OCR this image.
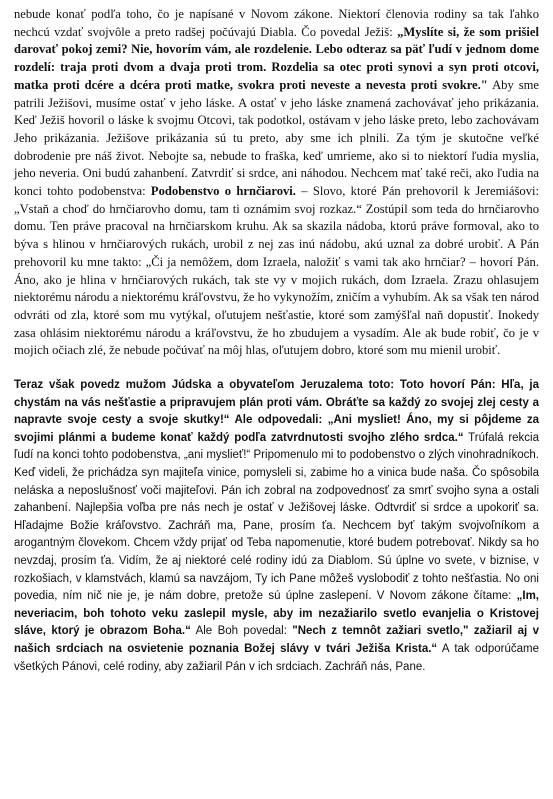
nebude konať podľa toho, čo je napísané v Novom zákone. Niektorí členovia rodiny sa tak ľahko nechcú vzdať svojvôle a preto radšej počúvajú Diabla. Čo povedal Ježiš: „Myslíte si, že som prišiel darovať pokoj zemi? Nie, hovorím vám, ale rozdelenie. Lebo odteraz sa päť ľudí v jednom dome rozdelí: traja proti dvom a dvaja proti trom. Rozdelia sa otec proti synovi a syn proti otcovi, matka proti dcére a dcéra proti matke, svokra proti neveste a nevesta proti svokre." Aby sme patrili Ježišovi, musíme ostať v jeho láske. A ostať v jeho láske znamená zachovávať jeho prikázania. Keď Ježiš hovoril o láske k svojmu Otcovi, tak podotkol, ostávam v jeho láske preto, lebo zachovávam Jeho prikázania. Ježišove prikázania sú tu preto, aby sme ich plnili. Za tým je skutočne veľké dobrodenie pre náš život. Nebojte sa, nebude to fraška, keď umrieme, ako si to niektorí ľudia myslia, jeho neveria. Oni budú zahanbení. Zatvrdiť si srdce, ani náhodou. Nechcem mať také reči, ako ľudia na konci tohto podobenstva: Podobenstvo o hrnčiarovi. – Slovo, ktoré Pán prehovoril k Jeremiášovi: „Vstaň a choď do hrnčiarovho domu, tam ti oznámim svoj rozkaz.“ Zostúpil som teda do hrnčiarovho domu. Ten práve pracoval na hrnčiarskom kruhu. Ak sa skazila nádoba, ktorú práve formoval, ako to býva s hlinou v hrnčiarových rukách, urobil z nej zas inú nádobu, akú uznal za dobré urobiť. A Pán prehovoril ku mne takto: „Či ja nemôžem, dom Izraela, naložiť s vami tak ako hrnčiar? – hovorí Pán. Áno, ako je hlina v hrnčiarových rukách, tak ste vy v mojich rukách, dom Izraela. Zrazu ohlasujem niektorému národu a niektorému kráľovstvu, že ho vykynožím, zničím a vyhubím. Ak sa však ten národ odvráti od zla, ktoré som mu vytýkal, oľutujem nešťastie, ktoré som zamýšľal naň dopustiť. Inokedy zasa ohlásim niektorému národu a kráľovstvu, že ho zbudujem a vysadím. Ale ak bude robiť, čo je v mojich očiach zlé, že nebude počúvať na môj hlas, oľutujem dobro, ktoré som mu mienil urobiť.

Teraz však povedz mužom Júdska a obyvateľom Jeruzalema toto: Toto hovorí Pán: Hľa, ja chystám na vás nešťastie a pripravujem plán proti vám. Obráťte sa každý zo svojej zlej cesty a napravte svoje cesty a svoje skutky!“ Ale odpovedali: „Ani mysliet! Áno, my si pôjdeme za svojimi plánmi a budeme konať každý podľa zatvrdnutosti svojho zlého srdca.“ Trúfalá rekcia ľudí na konci tohto podobenstva, „ani myslieť!“ Pripomenulo mi to podobenstvo o zlých vinohradníkoch. Keď videli, že prichádza syn majiteľa vinice, pomysleli si, zabime ho a vinica bude naša. Čo spôsobila neláska a neposlušnosť voči majiteľovi. Pán ich zobral na zodpovednosť za smrť svojho syna a ostali zahanbení. Najlepšia voľba pre nás nech je ostať v Ježišovej láske. Odtvrdiť si srdce a upokoriť sa. Hľadajme Božie kráľovstvo. Zachráň ma, Pane, prosím ťa. Nechcem byť takým svojvoľníkom a arogantným človekom. Chcem vždy prijať od Teba napomenutie, ktoré budem potrebovať. Nikdy sa ho nevzdaj, prosím ťa. Vidím, že aj niektoré celé rodiny idú za Diablom. Sú úplne vo svete, v biznise, v rozkošiach, v klamstvách, klamú sa navzájom, Ty ich Pane môžeš vyslobodiť z tohto nešťastia. No oni povedia, ním nič nie je, je nám dobre, pretože sú úplne zaslepení. V Novom zákone čítame: „Im, neveriacim, boh tohoto veku zaslepil mysle, aby im nezažiarilo svetlo evanjelia o Kristovej sláve, ktorý je obrazom Boha.“ Ale Boh povedal: "Nech z temnôt zažiari svetlo," zažiaril aj v našich srdciach na osvietenie poznania Božej slávy v tvári Ježiša Krista.“ A tak odporúčame všetkých Pánovi, celé rodiny, aby zažiaril Pán v ich srdciach. Zachráň nás, Pane.
